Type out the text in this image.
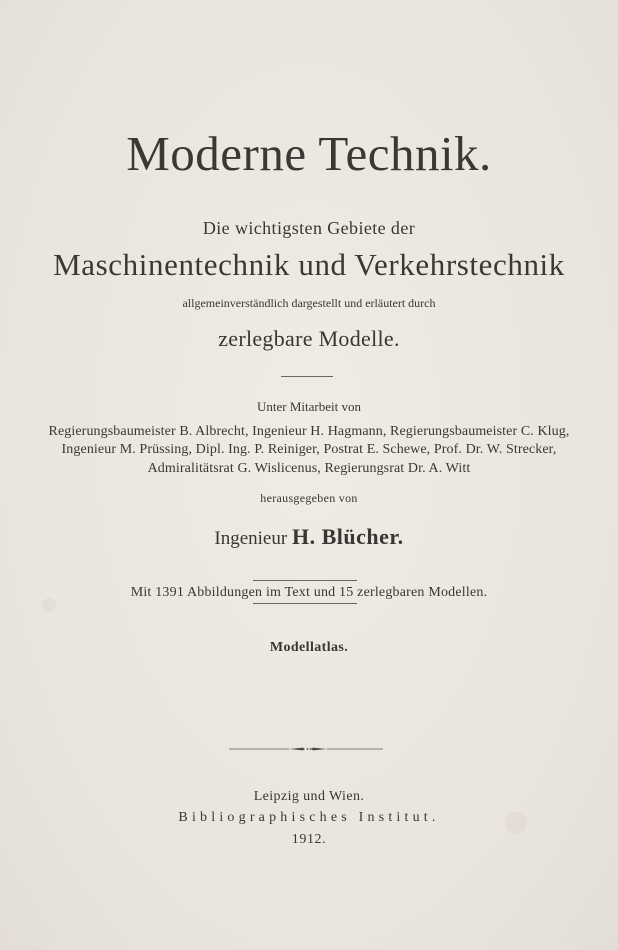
Moderne Technik.
Die wichtigsten Gebiete der
Maschinentechnik und Verkehrstechnik
allgemeinverständlich dargestellt und erläutert durch
zerlegbare Modelle.
Unter Mitarbeit von
Regierungsbaumeister B. Albrecht, Ingenieur H. Hagmann, Regierungsbaumeister C. Klug,
Ingenieur M. Prüssing, Dipl. Ing. P. Reiniger, Postrat E. Schewe, Prof. Dr. W. Strecker,
Admiralitätsrat G. Wislicenus, Regierungsrat Dr. A. Witt
herausgegeben von
Ingenieur H. Blücher.
Mit 1391 Abbildungen im Text und 15 zerlegbaren Modellen.
Modellatlas.
Leipzig und Wien.
Bibliographisches Institut.
1912.
